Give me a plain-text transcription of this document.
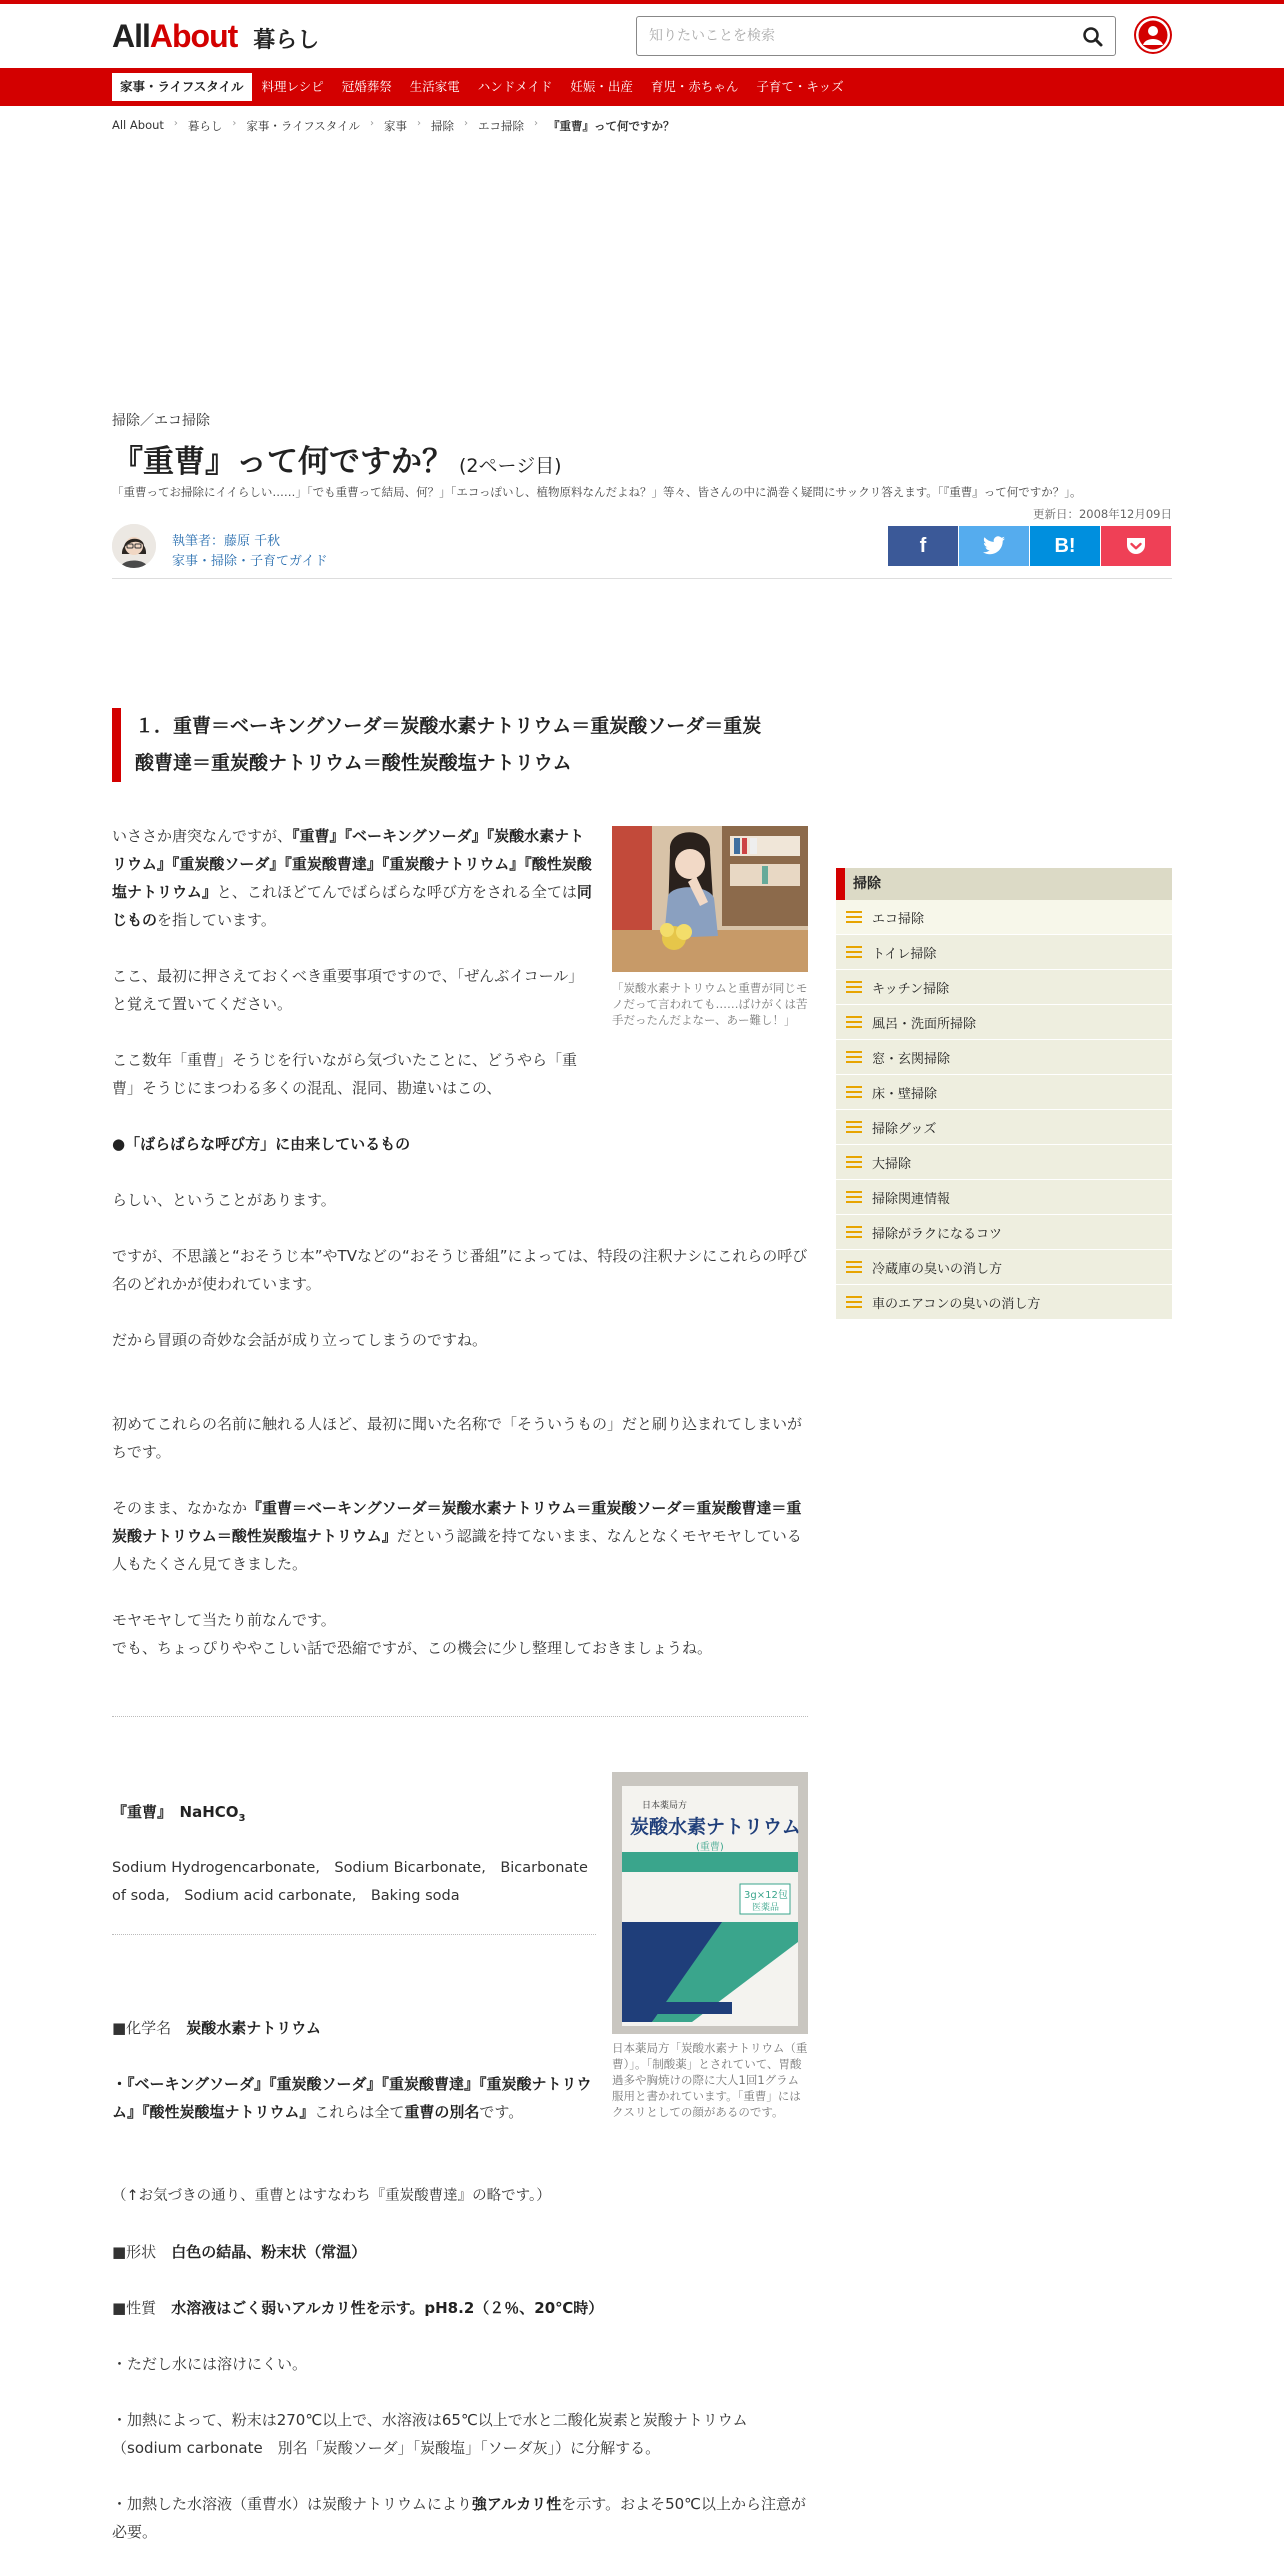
AllAbout 暮らし
知りたいことを検索
家事・ライフスタイル	料理レシピ	冠婚葬祭	生活家電	ハンドメイド	妊娠・出産	育児・赤ちゃん	子育て・キッズ
All About › 暮らし › 家事・ライフスタイル › 家事 › 掃除 › エコ掃除 › 『重曹』って何ですか？
掃除／エコ掃除
『重曹』って何ですか？ (2ページ目)
「重曹ってお掃除にイイらしい……」「でも重曹って結局、何？」「エコっぽいし、植物原料なんだよね？」等々、皆さんの中に渦巻く疑問にサックリ答えます。「『重曹』って何ですか？」。
更新日：2008年12月09日
執筆者：藤原 千秋
家事・掃除・子育てガイド
f	B!
１．重曹＝ベーキングソーダ＝炭酸水素ナトリウム＝重炭酸ソーダ＝重炭
酸曹達＝重炭酸ナトリウム＝酸性炭酸塩ナトリウム
いささか唐突なんですが、『重曹』『ベーキングソーダ』『炭酸水素ナトリウム』『重炭酸ソーダ』『重炭酸曹達』『重炭酸ナトリウム』『酸性炭酸塩ナトリウム』と、これほどてんでばらばらな呼び方をされる全ては同じものを指しています。
ここ、最初に押さえておくべき重要事項ですので、「ぜんぶイコール」と覚えて置いてください。
ここ数年「重曹」そうじを行いながら気づいたことに、どうやら「重曹」そうじにまつわる多くの混乱、混同、勘違いはこの、
「炭酸水素ナトリウムと重曹が同じモノだって言われても……ばけがくは苦手だったんだよなー、あー難し！」
●「ばらばらな呼び方」に由来しているもの
らしい、ということがあります。
ですが、不思議と“おそうじ本”やTVなどの“おそうじ番組”によっては、特段の注釈ナシにこれらの呼び名のどれかが使われています。
だから冒頭の奇妙な会話が成り立ってしまうのですね。
初めてこれらの名前に触れる人ほど、最初に聞いた名称で「そういうもの」だと刷り込まれてしまいがちです。
そのまま、なかなか『重曹＝ベーキングソーダ＝炭酸水素ナトリウム＝重炭酸ソーダ＝重炭酸曹達＝重炭酸ナトリウム＝酸性炭酸塩ナトリウム』だという認識を持てないまま、なんとなくモヤモヤしている人もたくさん見てきました。
モヤモヤして当たり前なんです。
でも、ちょっぴりややこしい話で恐縮ですが、この機会に少し整理しておきましょうね。
『重曹』　 NaHCO$_3$
Sodium Hydrogencarbonate,　Sodium Bicarbonate,　Bicarbonate of soda,　Sodium acid carbonate,　Baking soda
日本薬局方
炭酸水素ナトリウム
(重曹)
3g×12包
医薬品
日本薬局方「炭酸水素ナトリウム（重曹）」。「制酸薬」とされていて、胃酸過多や胸焼けの際に大人1回1グラム服用と書かれています。「重曹」にはクスリとしての顔があるのです。
■化学名　炭酸水素ナトリウム
・『ベーキングソーダ』『重炭酸ソーダ』『重炭酸曹達』『重炭酸ナトリウム』『酸性炭酸塩ナトリウム』これらは全て重曹の別名です。
（↑お気づきの通り、重曹とはすなわち『重炭酸曹達』の略です。）
■形状　白色の結晶、粉末状（常温）
■性質　水溶液はごく弱いアルカリ性を示す。pH8.2（２％、20℃時）
・ただし水には溶けにくい。
・加熱によって、粉末は270℃以上で、水溶液は65℃以上で水と二酸化炭素と炭酸ナトリウム（sodium carbonate　別名「炭酸ソーダ」「炭酸塩」「ソーダ灰」）に分解する。
・加熱した水溶液（重曹水）は炭酸ナトリウムにより強アルカリ性を示す。およそ50℃以上から注意が必要。
掃除
エコ掃除
トイレ掃除
キッチン掃除
風呂・洗面所掃除
窓・玄関掃除
床・壁掃除
掃除グッズ
大掃除
掃除関連情報
掃除がラクになるコツ
冷蔵庫の臭いの消し方
車のエアコンの臭いの消し方
